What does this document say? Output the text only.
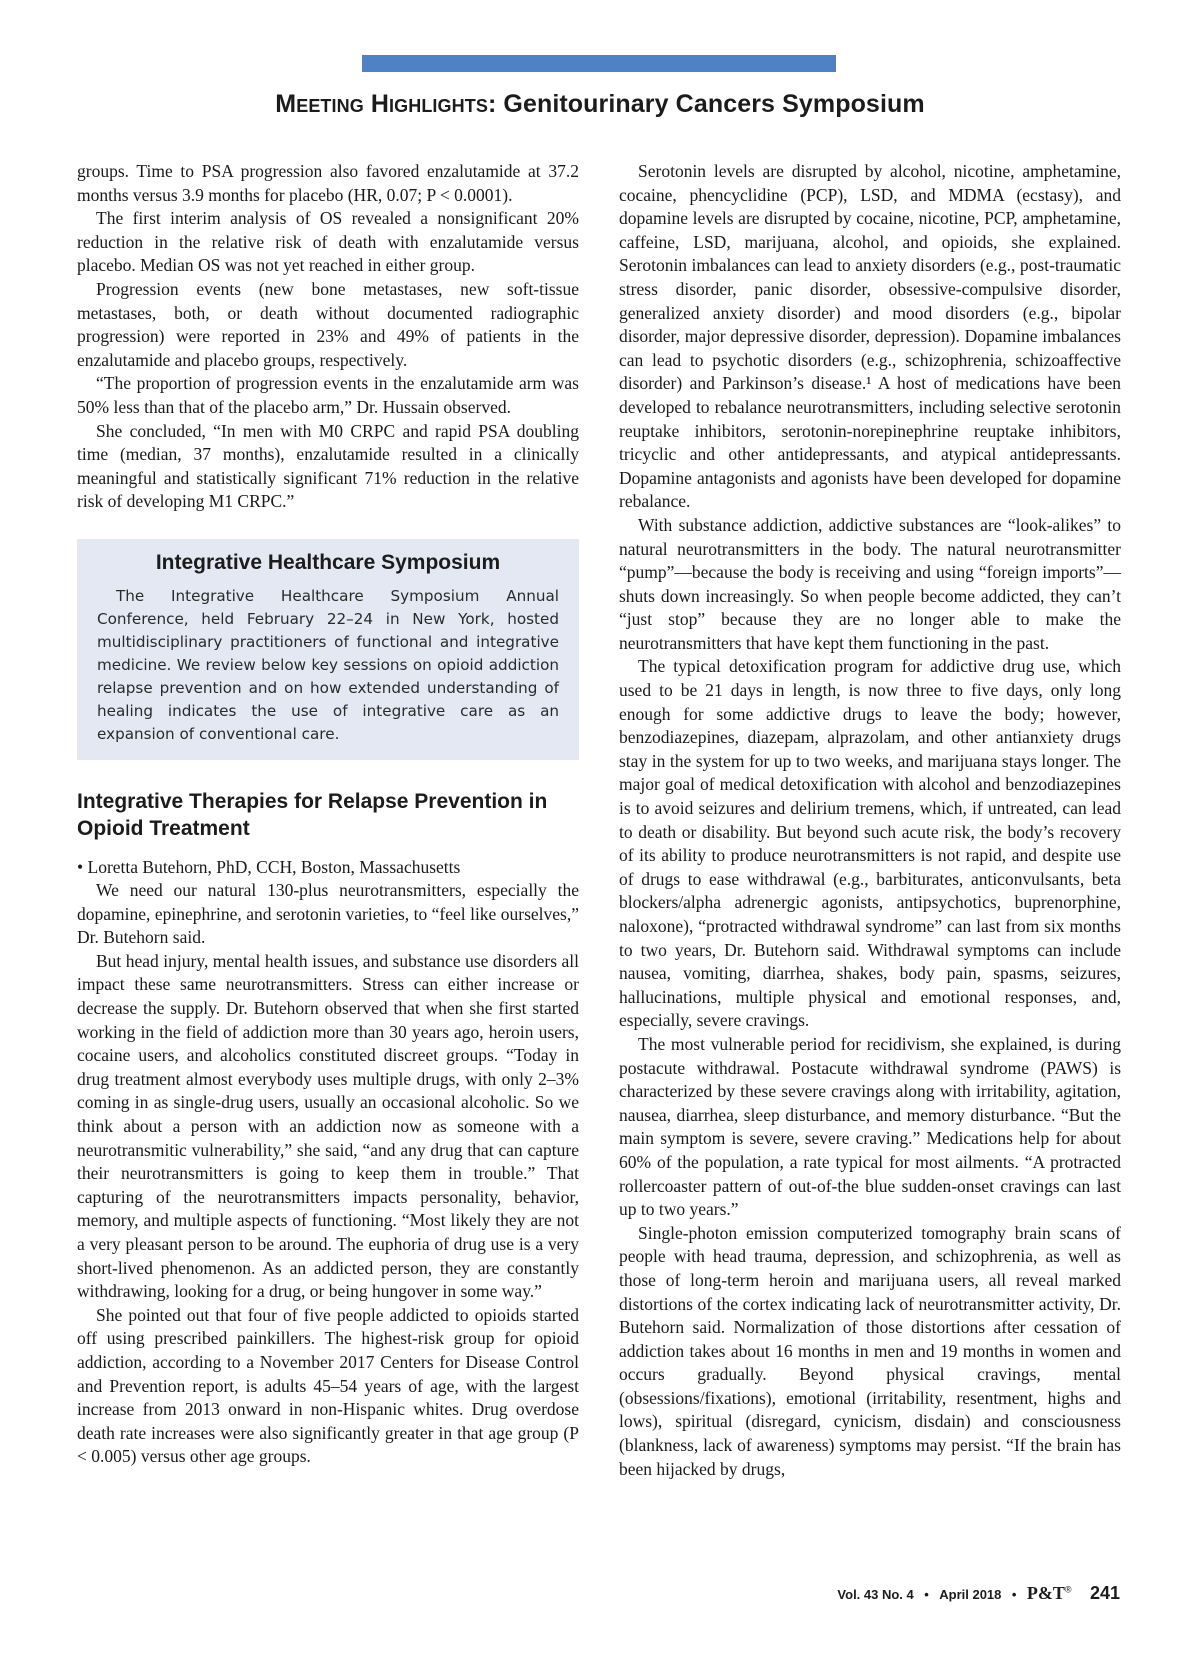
Meeting Highlights: Genitourinary Cancers Symposium

groups. Time to PSA progression also favored enzalutamide at 37.2 months versus 3.9 months for placebo (HR, 0.07; P < 0.0001).

The first interim analysis of OS revealed a nonsignificant 20% reduction in the relative risk of death with enzalutamide versus placebo. Median OS was not yet reached in either group.

Progression events (new bone metastases, new soft-tissue metastases, both, or death without documented radiographic progression) were reported in 23% and 49% of patients in the enzalutamide and placebo groups, respectively.

“The proportion of progression events in the enzalutamide arm was 50% less than that of the placebo arm,” Dr. Hussain observed.

She concluded, “In men with M0 CRPC and rapid PSA doubling time (median, 37 months), enzalutamide resulted in a clinically meaningful and statistically significant 71% reduction in the relative risk of developing M1 CRPC.”

Integrative Healthcare Symposium
The Integrative Healthcare Symposium Annual Conference, held February 22–24 in New York, hosted multidisciplinary practitioners of functional and integrative medicine. We review below key sessions on opioid addiction relapse prevention and on how extended understanding of healing indicates the use of integrative care as an expansion of conventional care.
Integrative Therapies for Relapse Prevention in Opioid Treatment

• Loretta Butehorn, PhD, CCH, Boston, Massachusetts

We need our natural 130-plus neurotransmitters, especially the dopamine, epinephrine, and serotonin varieties, to “feel like ourselves,” Dr. Butehorn said.

But head injury, mental health issues, and substance use disorders all impact these same neurotransmitters. Stress can either increase or decrease the supply. Dr. Butehorn observed that when she first started working in the field of addiction more than 30 years ago, heroin users, cocaine users, and alcoholics constituted discreet groups. “Today in drug treatment almost everybody uses multiple drugs, with only 2–3% coming in as single-drug users, usually an occasional alcoholic. So we think about a person with an addiction now as someone with a neurotransmitic vulnerability,” she said, “and any drug that can capture their neurotransmitters is going to keep them in trouble.” That capturing of the neurotransmitters impacts personality, behavior, memory, and multiple aspects of functioning. “Most likely they are not a very pleasant person to be around. The euphoria of drug use is a very short-lived phenomenon. As an addicted person, they are constantly withdrawing, looking for a drug, or being hungover in some way.”

She pointed out that four of five people addicted to opioids started off using prescribed painkillers. The highest-risk group for opioid addiction, according to a November 2017 Centers for Disease Control and Prevention report, is adults 45–54 years of age, with the largest increase from 2013 onward in non-Hispanic whites. Drug overdose death rate increases were also significantly greater in that age group (P < 0.005) versus other age groups.

Serotonin levels are disrupted by alcohol, nicotine, amphetamine, cocaine, phencyclidine (PCP), LSD, and MDMA (ecstasy), and dopamine levels are disrupted by cocaine, nicotine, PCP, amphetamine, caffeine, LSD, marijuana, alcohol, and opioids, she explained. Serotonin imbalances can lead to anxiety disorders (e.g., post-traumatic stress disorder, panic disorder, obsessive-compulsive disorder, generalized anxiety disorder) and mood disorders (e.g., bipolar disorder, major depressive disorder, depression). Dopamine imbalances can lead to psychotic disorders (e.g., schizophrenia, schizoaffective disorder) and Parkinson’s disease.¹ A host of medications have been developed to rebalance neurotransmitters, including selective serotonin reuptake inhibitors, serotonin-norepinephrine reuptake inhibitors, tricyclic and other antidepressants, and atypical antidepressants. Dopamine antagonists and agonists have been developed for dopamine rebalance.

With substance addiction, addictive substances are “look-alikes” to natural neurotransmitters in the body. The natural neurotransmitter “pump”—because the body is receiving and using “foreign imports”—shuts down increasingly. So when people become addicted, they can’t “just stop” because they are no longer able to make the neurotransmitters that have kept them functioning in the past.

The typical detoxification program for addictive drug use, which used to be 21 days in length, is now three to five days, only long enough for some addictive drugs to leave the body; however, benzodiazepines, diazepam, alprazolam, and other antianxiety drugs stay in the system for up to two weeks, and marijuana stays longer. The major goal of medical detoxification with alcohol and benzodiazepines is to avoid seizures and delirium tremens, which, if untreated, can lead to death or disability. But beyond such acute risk, the body’s recovery of its ability to produce neurotransmitters is not rapid, and despite use of drugs to ease withdrawal (e.g., barbiturates, anticonvulsants, beta blockers/alpha adrenergic agonists, antipsychotics, buprenorphine, naloxone), “protracted withdrawal syndrome” can last from six months to two years, Dr. Butehorn said. Withdrawal symptoms can include nausea, vomiting, diarrhea, shakes, body pain, spasms, seizures, hallucinations, multiple physical and emotional responses, and, especially, severe cravings.

The most vulnerable period for recidivism, she explained, is during postacute withdrawal. Postacute withdrawal syndrome (PAWS) is characterized by these severe cravings along with irritability, agitation, nausea, diarrhea, sleep disturbance, and memory disturbance. “But the main symptom is severe, severe craving.” Medications help for about 60% of the population, a rate typical for most ailments. “A protracted rollercoaster pattern of out-of-the blue sudden-onset cravings can last up to two years.”

Single-photon emission computerized tomography brain scans of people with head trauma, depression, and schizophrenia, as well as those of long-term heroin and marijuana users, all reveal marked distortions of the cortex indicating lack of neurotransmitter activity, Dr. Butehorn said. Normalization of those distortions after cessation of addiction takes about 16 months in men and 19 months in women and occurs gradually. Beyond physical cravings, mental (obsessions/fixations), emotional (irritability, resentment, highs and lows), spiritual (disregard, cynicism, disdain) and consciousness (blankness, lack of awareness) symptoms may persist. “If the brain has been hijacked by drugs,

Vol. 43 No. 4 • April 2018 • P&T® 241
